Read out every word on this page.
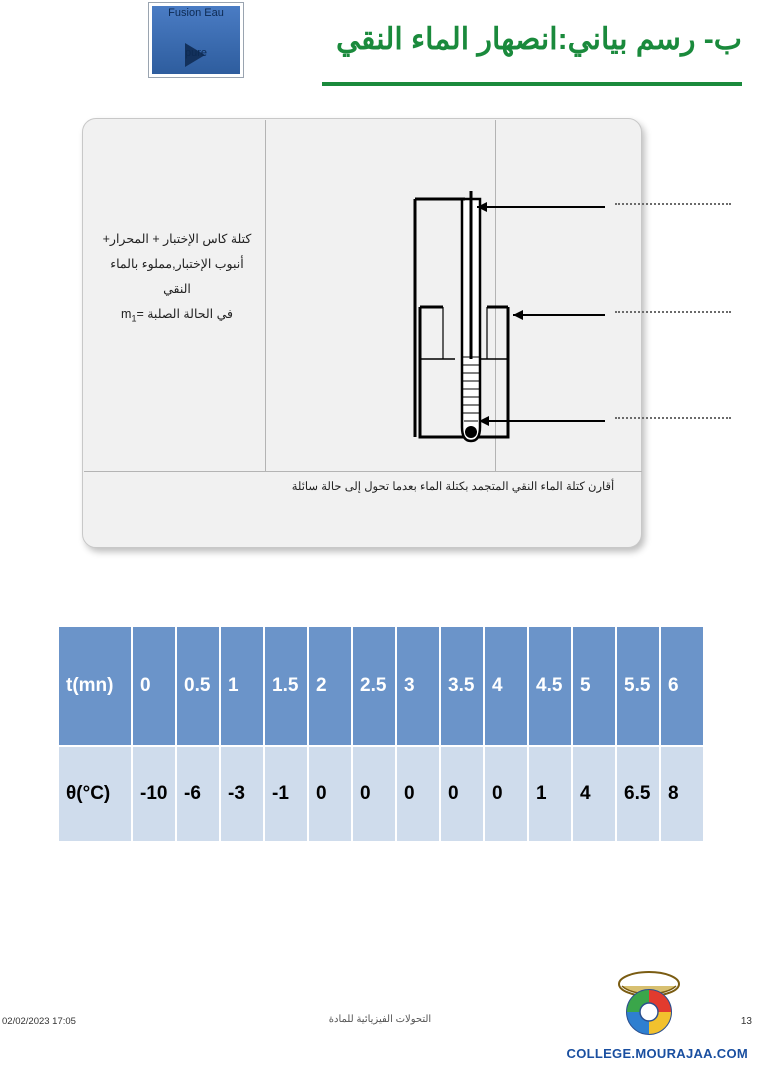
Fusion Eau
pure	ب- رسم بياني:انصهار الماء النقي
كتلة كاس الإختبار + المحرار+
أنبوب الإختبار,مملوء بالماء النقي
في الحالة الصلبة $=m_1$
أقارن كتلة الماء النقي المتجمد بكتلة الماء بعدما تحول إلى حالة سائلة
t(mn)	0	0.5	1	1.5	2	2.5	3	3.5	4	4.5	5	5.5	6
θ(°C)	-10	-6	-3	-1	0	0	0	0	0	1	4	6.5	8
02/02/2023 17:05	التحولات الفيزيائية للمادة	13
COLLEGE.MOURAJAA.COM
